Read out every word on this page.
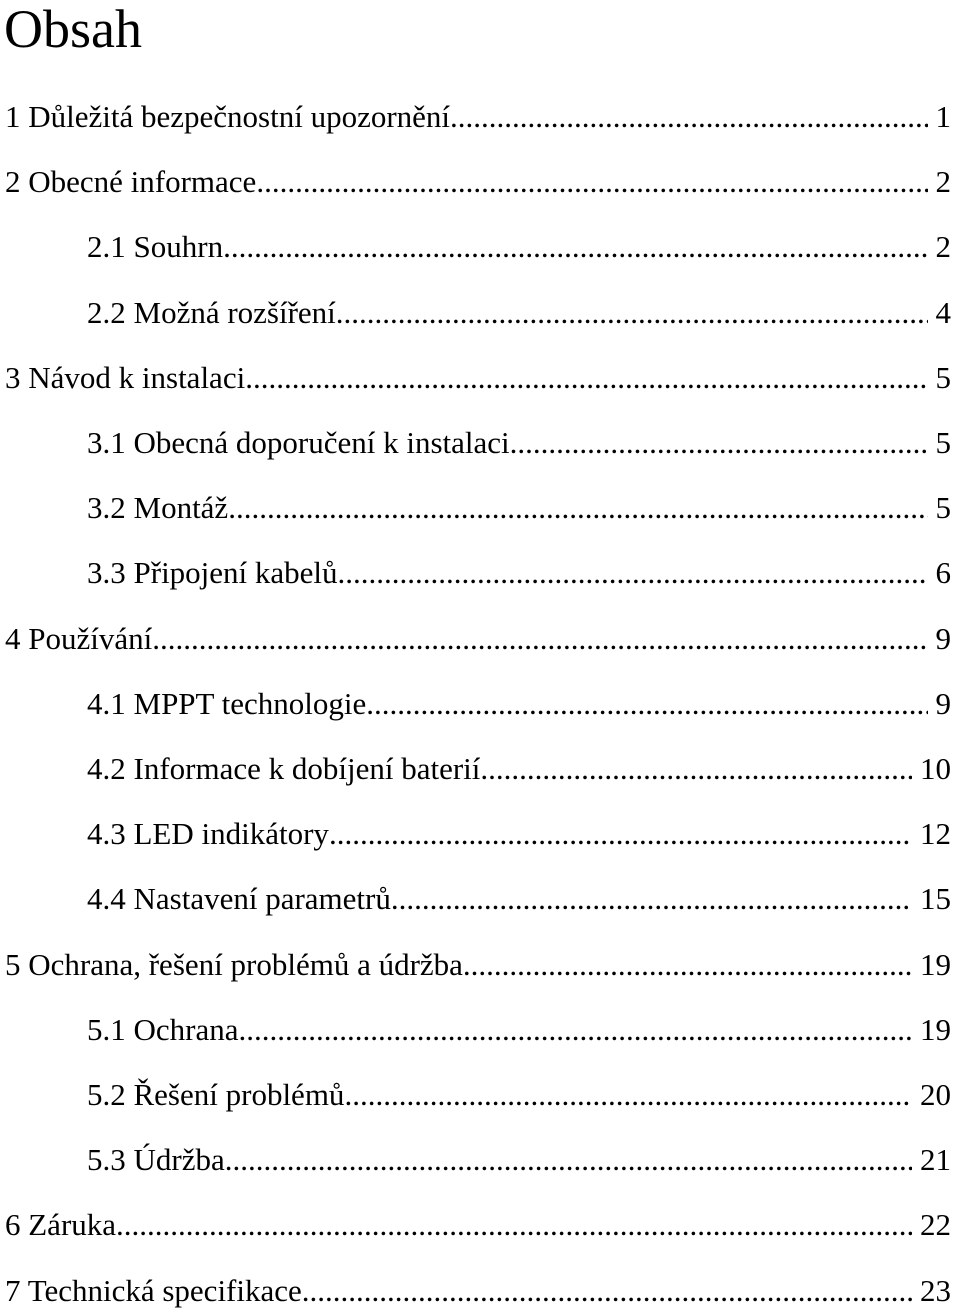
Obsah
1 Důležitá bezpečnostní upozornění .....	1
2 Obecné informace .....	2
2.1 Souhrn .....	2
2.2 Možná rozšíření .....	4
3 Návod k instalaci .....	5
3.1 Obecná doporučení k instalaci .....	5
3.2 Montáž .....	5
3.3 Připojení kabelů .....	6
4 Používání .....	9
4.1 MPPT technologie .....	9
4.2 Informace k dobíjení baterií .....	10
4.3 LED indikátory .....	12
4.4 Nastavení parametrů .....	15
5 Ochrana, řešení problémů a údržba .....	19
5.1 Ochrana .....	19
5.2 Řešení problémů .....	20
5.3 Údržba .....	21
6 Záruka .....	22
7 Technická specifikace .....	23
